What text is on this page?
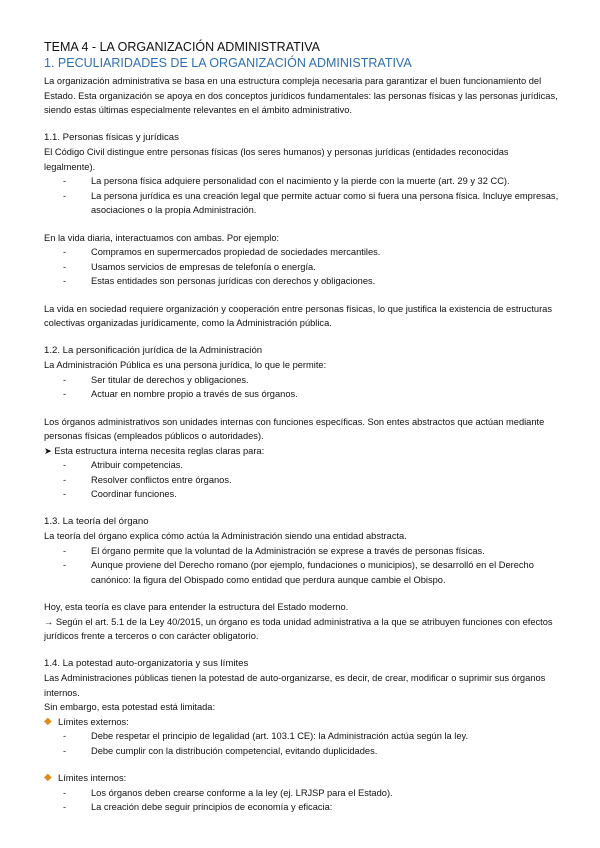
TEMA 4 - LA ORGANIZACIÓN ADMINISTRATIVA
1. PECULIARIDADES DE LA ORGANIZACIÓN ADMINISTRATIVA

La organización administrativa se basa en una estructura compleja necesaria para garantizar el buen funcionamiento del

Estado. Esta organización se apoya en dos conceptos jurídicos fundamentales: las personas físicas y las personas jurídicas,

siendo estas últimas especialmente relevantes en el ámbito administrativo.

1.1. Personas físicas y jurídicas

El Código Civil distingue entre personas físicas (los seres humanos) y personas jurídicas (entidades reconocidas legalmente).

-	La persona física adquiere personalidad con el nacimiento y la pierde con la muerte (art. 29 y 32 CC).
-	La persona jurídica es una creación legal que permite actuar como si fuera una persona física. Incluye empresas,
asociaciones o la propia Administración.

En la vida diaria, interactuamos con ambas. Por ejemplo:

-	Compramos en supermercados propiedad de sociedades mercantiles.
-	Usamos servicios de empresas de telefonía o energía.
-	Estas entidades son personas jurídicas con derechos y obligaciones.

La vida en sociedad requiere organización y cooperación entre personas físicas, lo que justifica la existencia de estructuras

colectivas organizadas jurídicamente, como la Administración pública.

1.2. La personificación jurídica de la Administración

La Administración Pública es una persona jurídica, lo que le permite:

-	Ser titular de derechos y obligaciones.
-	Actuar en nombre propio a través de sus órganos.

Los órganos administrativos son unidades internas con funciones específicas. Son entes abstractos que actúan mediante

personas físicas (empleados públicos o autoridades).

➤ Esta estructura interna necesita reglas claras para:
-	Atribuir competencias.
-	Resolver conflictos entre órganos.
-	Coordinar funciones.
1.3. La teoría del órgano

La teoría del órgano explica cómo actúa la Administración siendo una entidad abstracta.

-	El órgano permite que la voluntad de la Administración se exprese a través de personas físicas.
-	Aunque proviene del Derecho romano (por ejemplo, fundaciones o municipios), se desarrolló en el Derecho
canónico: la figura del Obispado como entidad que perdura aunque cambie el Obispo.

Hoy, esta teoría es clave para entender la estructura del Estado moderno.

→ Según el art. 5.1 de la Ley 40/2015, un órgano es toda unidad administrativa a la que se atribuyen funciones con efectos

jurídicos frente a terceros o con carácter obligatorio.

1.4. La potestad auto-organizatoria y sus límites

Las Administraciones públicas tienen la potestad de auto-organizarse, es decir, de crear, modificar o suprimir sus órganos

internos.

Sin embargo, esta potestad está limitada:

◆ Límites externos:
-	Debe respetar el principio de legalidad (art. 103.1 CE): la Administración actúa según la ley.
-	Debe cumplir con la distribución competencial, evitando duplicidades.
◆ Límites internos:
-	Los órganos deben crearse conforme a la ley (ej. LRJSP para el Estado).
-	La creación debe seguir principios de economía y eficacia:
